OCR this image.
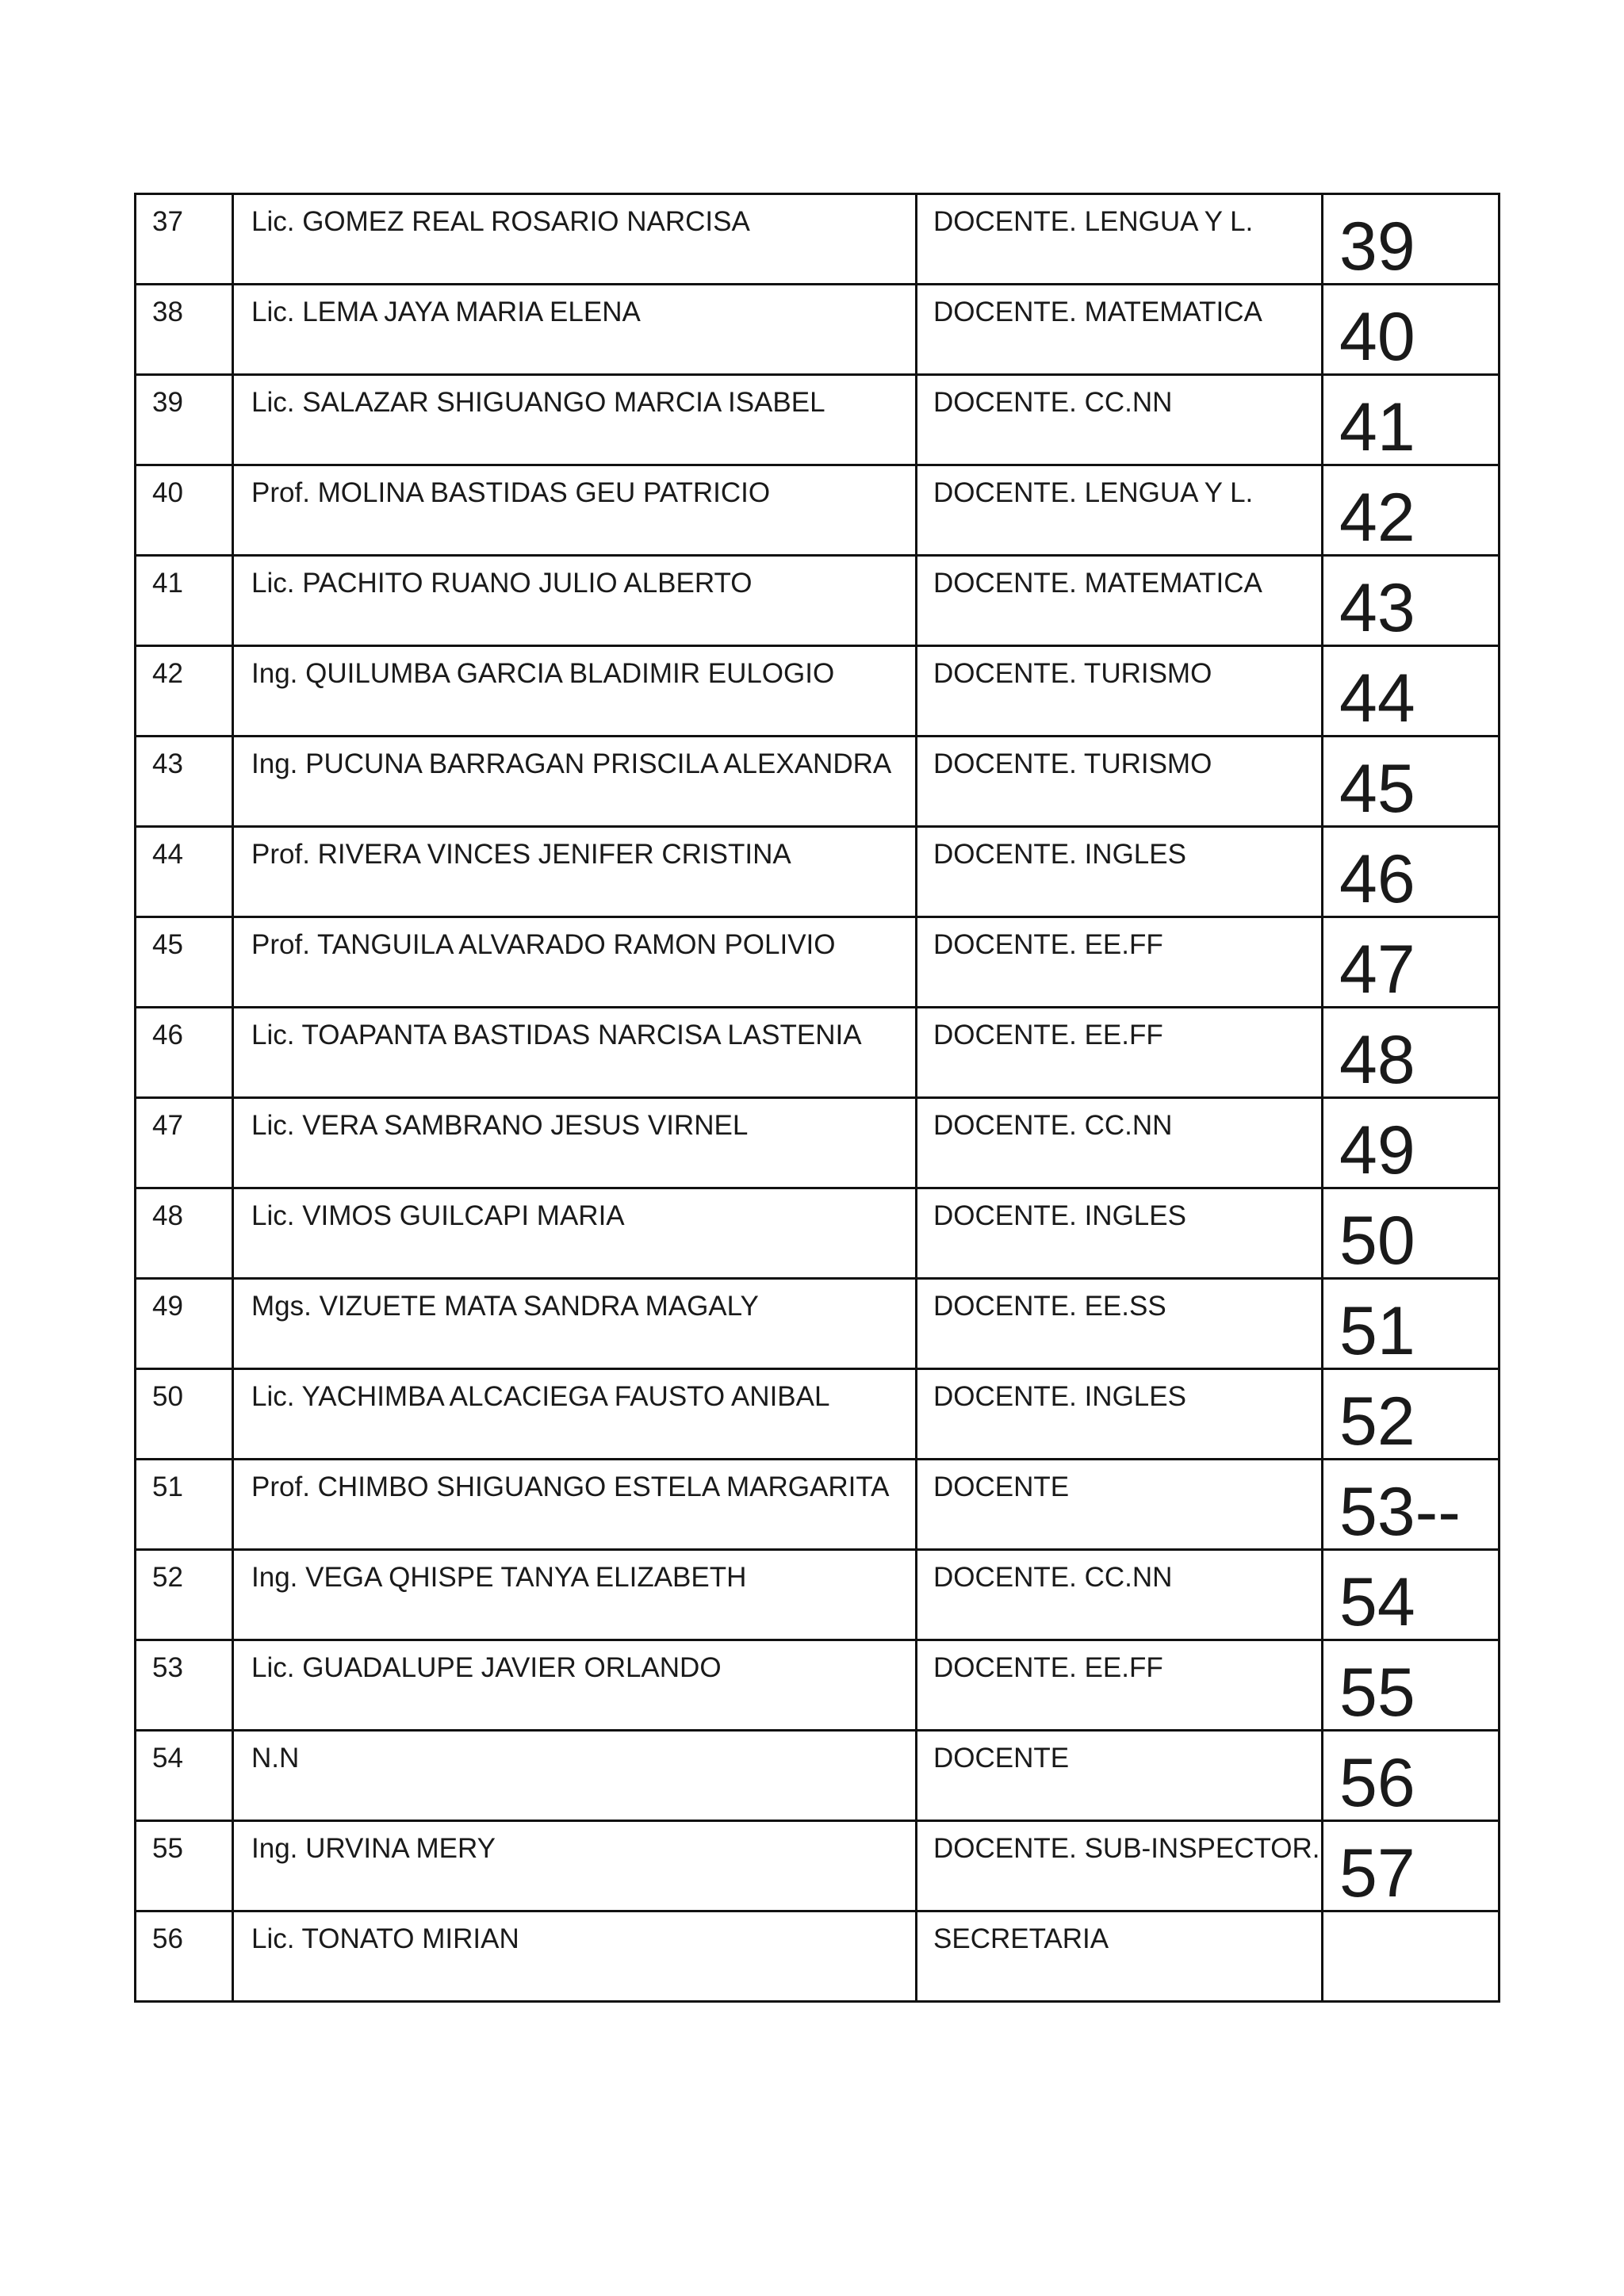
37	Lic. GOMEZ REAL ROSARIO NARCISA	DOCENTE. LENGUA Y L.	39

38	Lic. LEMA JAYA MARIA ELENA	DOCENTE. MATEMATICA	40

39	Lic. SALAZAR SHIGUANGO MARCIA ISABEL	DOCENTE. CC.NN	41

40	Prof. MOLINA BASTIDAS GEU PATRICIO	DOCENTE. LENGUA Y L.	42

41	Lic. PACHITO RUANO JULIO ALBERTO	DOCENTE. MATEMATICA	43

42	Ing. QUILUMBA GARCIA BLADIMIR EULOGIO	DOCENTE. TURISMO	44

43	Ing. PUCUNA BARRAGAN PRISCILA ALEXANDRA	DOCENTE. TURISMO	45

44	Prof. RIVERA VINCES JENIFER CRISTINA	DOCENTE. INGLES	46

45	Prof. TANGUILA ALVARADO RAMON POLIVIO	DOCENTE. EE.FF	47

46	Lic. TOAPANTA BASTIDAS NARCISA LASTENIA	DOCENTE. EE.FF	48

47	Lic. VERA SAMBRANO JESUS VIRNEL	DOCENTE. CC.NN	49

48	Lic. VIMOS GUILCAPI MARIA	DOCENTE. INGLES	50

49	Mgs. VIZUETE MATA SANDRA MAGALY	DOCENTE. EE.SS	51

50	Lic. YACHIMBA ALCACIEGA FAUSTO ANIBAL	DOCENTE. INGLES	52

51	Prof. CHIMBO SHIGUANGO ESTELA MARGARITA	DOCENTE	53--

52	Ing. VEGA QHISPE TANYA ELIZABETH	DOCENTE. CC.NN	54

53	Lic. GUADALUPE JAVIER ORLANDO	DOCENTE. EE.FF	55

54	N.N	DOCENTE	56

55	Ing. URVINA MERY	DOCENTE. SUB-INSPECTOR.	57

56	Lic. TONATO MIRIAN	SECRETARIA	
